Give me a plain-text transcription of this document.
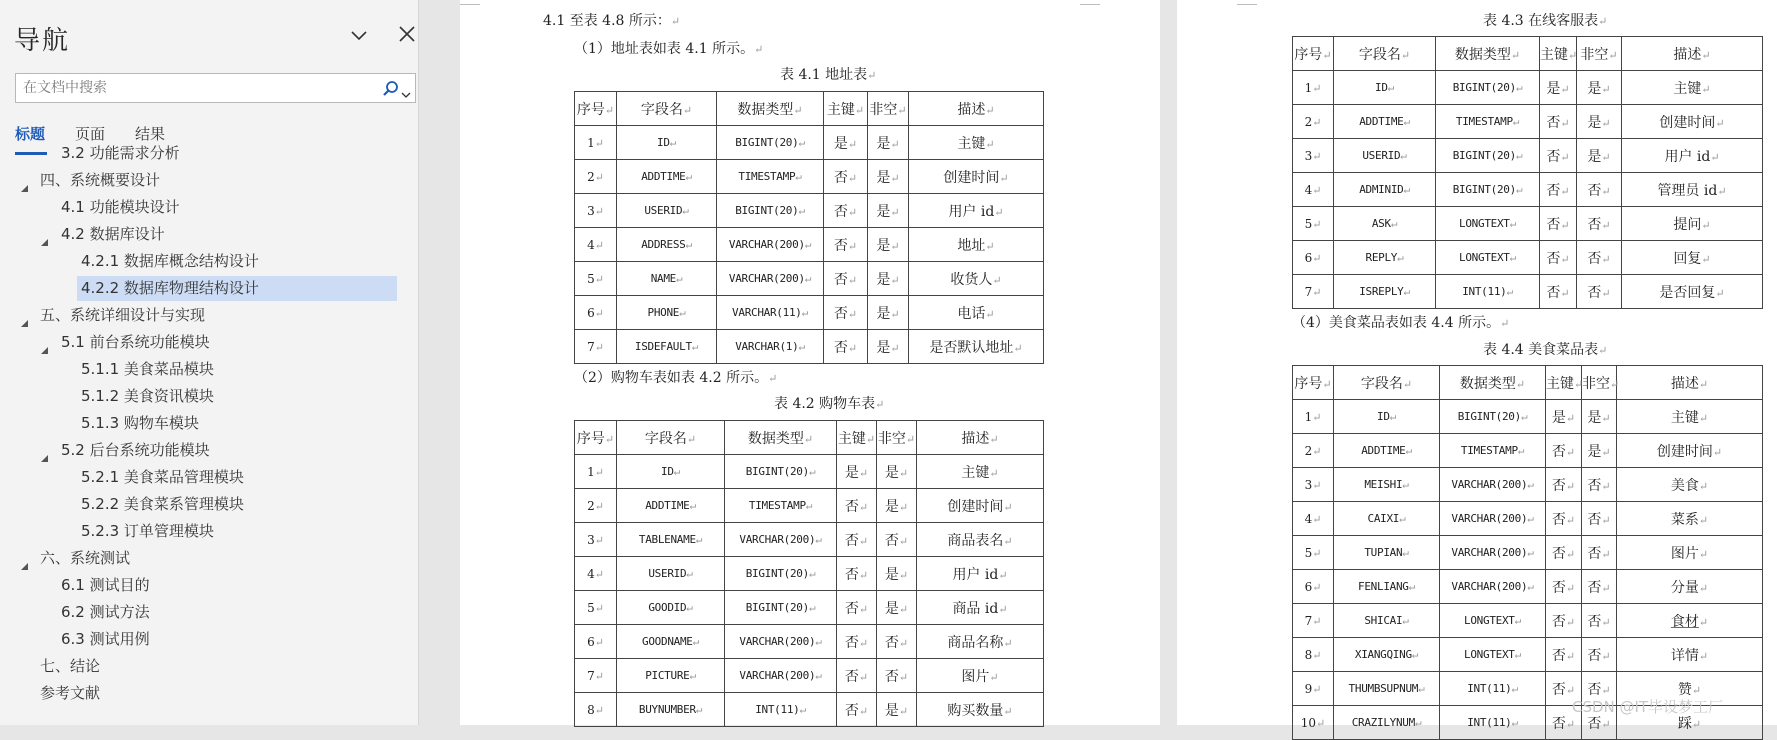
导航
在文档中搜索
标题 页面 结果
3.2 功能需求分析
四、系统概要设计
4.1 功能模块设计
4.2 数据库设计
4.2.1 数据库概念结构设计
4.2.2 数据库物理结构设计
五、系统详细设计与实现
5.1 前台系统功能模块
5.1.1 美食菜品模块
5.1.2 美食资讯模块
5.1.3 购物车模块
5.2 后台系统功能模块
5.2.1 美食菜品管理模块
5.2.2 美食菜系管理模块
5.2.3 订单管理模块
六、系统测试
6.1 测试目的
6.2 测试方法
6.3 测试用例
七、结论
参考文献
4.1 至表 4.8 所示：↵
（1）地址表如表 4.1 所示。↵
表 4.1 地址表↵
序号↵	字段名↵	数据类型↵	主键↵	非空↵	描述↵
1↵	ID↵	BIGINT(20)↵	是↵	是↵	主键↵
2↵	ADDTIME↵	TIMESTAMP↵	否↵	是↵	创建时间↵
3↵	USERID↵	BIGINT(20)↵	否↵	是↵	用户 id↵
4↵	ADDRESS↵	VARCHAR(200)↵	否↵	是↵	地址↵
5↵	NAME↵	VARCHAR(200)↵	否↵	是↵	收货人↵
6↵	PHONE↵	VARCHAR(11)↵	否↵	是↵	电话↵
7↵	ISDEFAULT↵	VARCHAR(1)↵	否↵	是↵	是否默认地址↵
（2）购物车表如表 4.2 所示。↵
表 4.2 购物车表↵
序号↵	字段名↵	数据类型↵	主键↵	非空↵	描述↵
1↵	ID↵	BIGINT(20)↵	是↵	是↵	主键↵
2↵	ADDTIME↵	TIMESTAMP↵	否↵	是↵	创建时间↵
3↵	TABLENAME↵	VARCHAR(200)↵	否↵	否↵	商品表名↵
4↵	USERID↵	BIGINT(20)↵	否↵	是↵	用户 id↵
5↵	GOODID↵	BIGINT(20)↵	否↵	是↵	商品 id↵
6↵	GOODNAME↵	VARCHAR(200)↵	否↵	否↵	商品名称↵
7↵	PICTURE↵	VARCHAR(200)↵	否↵	否↵	图片↵
8↵	BUYNUMBER↵	INT(11)↵	否↵	是↵	购买数量↵
表 4.3 在线客服表↵
序号↵	字段名↵	数据类型↵	主键↵	非空↵	描述↵
1↵	ID↵	BIGINT(20)↵	是↵	是↵	主键↵
2↵	ADDTIME↵	TIMESTAMP↵	否↵	是↵	创建时间↵
3↵	USERID↵	BIGINT(20)↵	否↵	是↵	用户 id↵
4↵	ADMINID↵	BIGINT(20)↵	否↵	否↵	管理员 id↵
5↵	ASK↵	LONGTEXT↵	否↵	否↵	提问↵
6↵	REPLY↵	LONGTEXT↵	否↵	否↵	回复↵
7↵	ISREPLY↵	INT(11)↵	否↵	否↵	是否回复↵
（4）美食菜品表如表 4.4 所示。↵
表 4.4 美食菜品表↵
序号↵	字段名↵	数据类型↵	主键↵	非空↵	描述↵
1↵	ID↵	BIGINT(20)↵	是↵	是↵	主键↵
2↵	ADDTIME↵	TIMESTAMP↵	否↵	是↵	创建时间↵
3↵	MEISHI↵	VARCHAR(200)↵	否↵	否↵	美食↵
4↵	CAIXI↵	VARCHAR(200)↵	否↵	否↵	菜系↵
5↵	TUPIAN↵	VARCHAR(200)↵	否↵	否↵	图片↵
6↵	FENLIANG↵	VARCHAR(200)↵	否↵	否↵	分量↵
7↵	SHICAI↵	LONGTEXT↵	否↵	否↵	食材↵
8↵	XIANGQING↵	LONGTEXT↵	否↵	否↵	详情↵
9↵	THUMBSUPNUM↵	INT(11)↵	否↵	否↵	赞↵
10↵	CRAZILYNUM↵	INT(11)↵	否↵	否↵	踩↵
CSDN @IT毕设梦工厂
